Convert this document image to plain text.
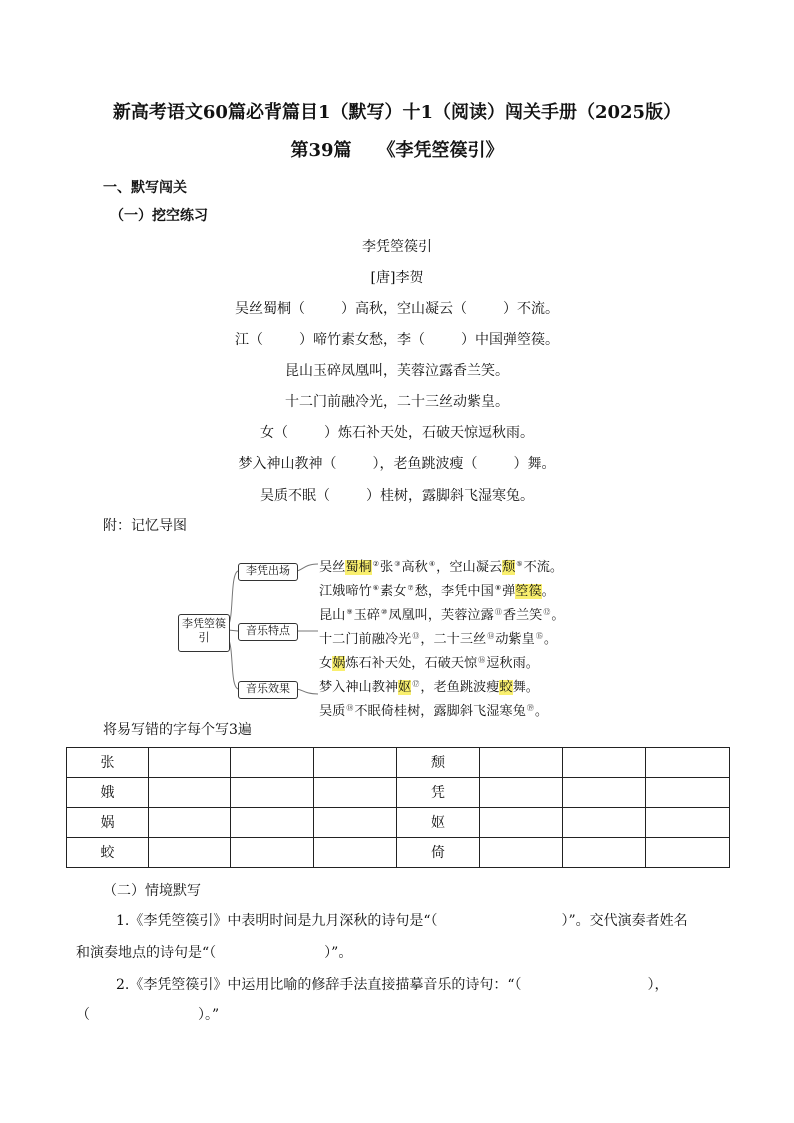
新高考语文60篇必背篇目1（默写）十1（阅读）闯关手册（2025版）
第39篇 《李凭箜篌引》
一、默写闯关
（一）挖空练习
李凭箜篌引
[唐]李贺
吴丝蜀桐（	）高秋，空山凝云（	）不流。
江（	）啼竹素女愁，李（	）中国弹箜篌。
昆山玉碎凤凰叫，芙蓉泣露香兰笑。
十二门前融冷光，二十三丝动紫皇。
女（	）炼石补天处，石破天惊逗秋雨。
梦入神山教神（	），老鱼跳波瘦（	）舞。
吴质不眠（	）桂树，露脚斜飞湿寒兔。
附：记忆导图
李凭箜篌引
李凭出场
音乐特点
音乐效果
吴丝蜀桐②张③高秋④，空山凝云颓⑤不流。
江娥啼竹⑥素女⑦愁，李凭中国⑧弹箜篌。
昆山⑨玉碎⑩凤凰叫，芙蓉泣露⑪香兰笑⑫。
十二门前融冷光⑬，二十三丝⑭动紫皇⑮。
女娲炼石补天处，石破天惊⑯逗秋雨。
梦入神山教神妪⑰，老鱼跳波瘦蛟舞。
吴质⑱不眠倚桂树，露脚斜飞湿寒兔⑲。
将易写错的字每个写3遍
张				颓			
娥				凭			
娲				妪			
蛟				倚			
（二）情境默写
1.《李凭箜篌引》中表明时间是九月深秋的诗句是“（	）”。交代演奏者姓名
和演奏地点的诗句是“（	）”。
2.《李凭箜篌引》中运用比喻的修辞手法直接描摹音乐的诗句：“（	），
（	）。”
